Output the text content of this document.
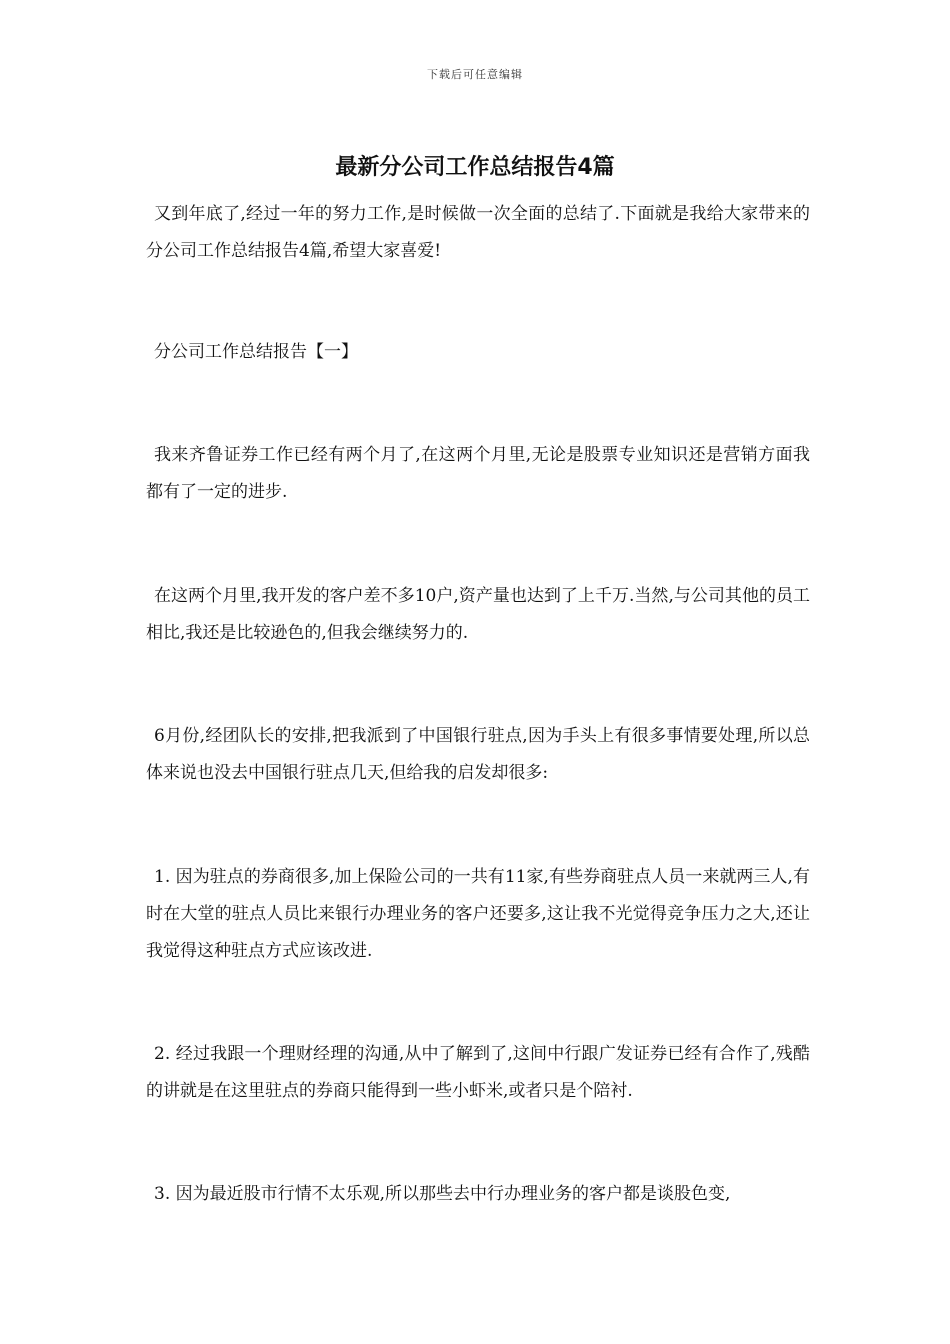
下载后可任意编辑
最新分公司工作总结报告4篇

又到年底了,经过一年的努力工作,是时候做一次全面的总结了.下面就是我给大家带来的分公司工作总结报告4篇,希望大家喜爱!

分公司工作总结报告【一】

我来齐鲁证券工作已经有两个月了,在这两个月里,无论是股票专业知识还是营销方面我都有了一定的进步.

在这两个月里,我开发的客户差不多10户,资产量也达到了上千万.当然,与公司其他的员工相比,我还是比较逊色的,但我会继续努力的.

6月份,经团队长的安排,把我派到了中国银行驻点,因为手头上有很多事情要处理,所以总体来说也没去中国银行驻点几天,但给我的启发却很多:

1. 因为驻点的券商很多,加上保险公司的一共有11家,有些券商驻点人员一来就两三人,有时在大堂的驻点人员比来银行办理业务的客户还要多,这让我不光觉得竞争压力之大,还让我觉得这种驻点方式应该改进.

2. 经过我跟一个理财经理的沟通,从中了解到了,这间中行跟广发证券已经有合作了,残酷的讲就是在这里驻点的券商只能得到一些小虾米,或者只是个陪衬.

3. 因为最近股市行情不太乐观,所以那些去中行办理业务的客户都是谈股色变,
